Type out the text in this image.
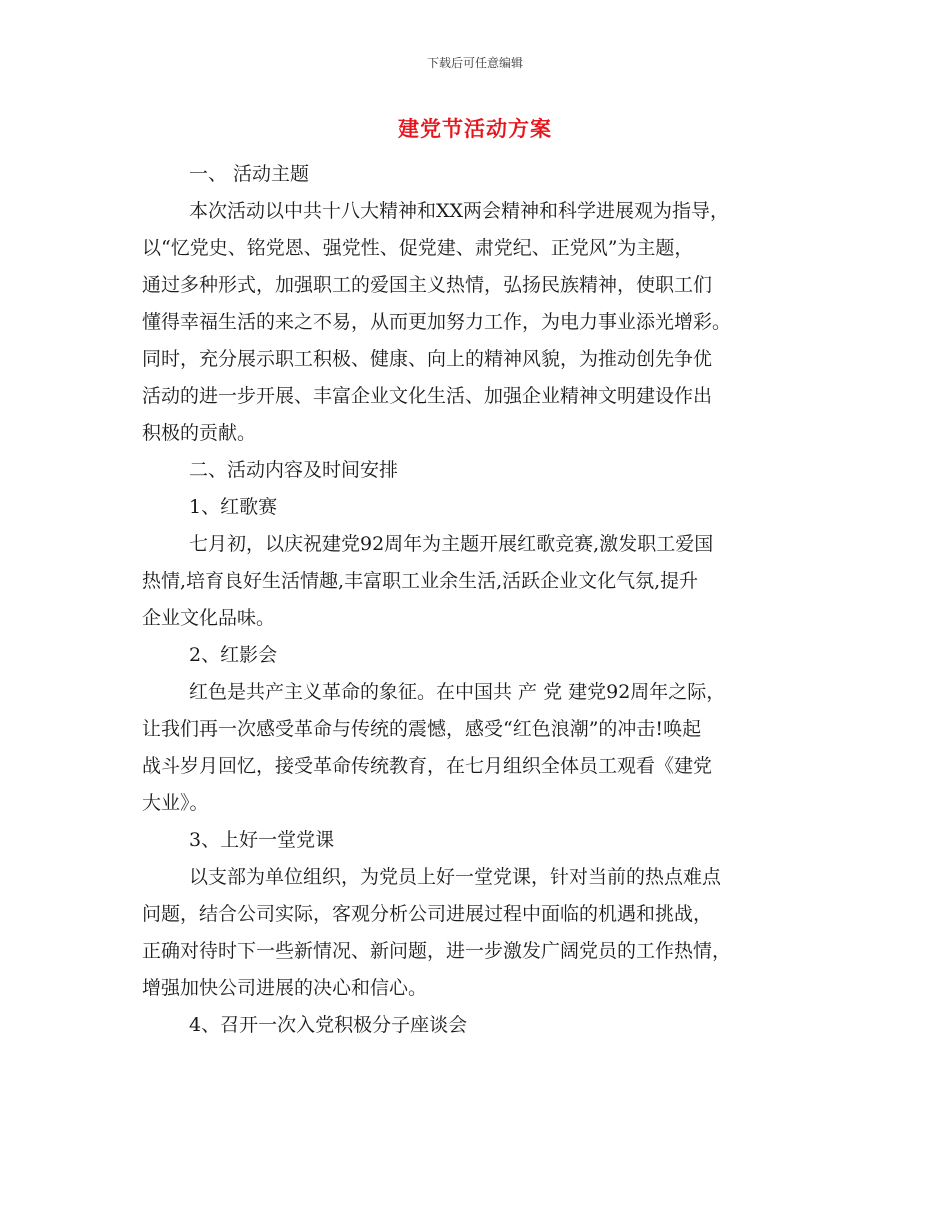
下载后可任意编辑
建党节活动方案

一、 活动主题

本次活动以中共十八大精神和XX两会精神和科学进展观为指导，

以“忆党史、铭党恩、强党性、促党建、肃党纪、正党风”为主题，

通过多种形式，加强职工的爱国主义热情，弘扬民族精神，使职工们

懂得幸福生活的来之不易，从而更加努力工作，为电力事业添光增彩。

同时，充分展示职工积极、健康、向上的精神风貌，为推动创先争优

活动的进一步开展、丰富企业文化生活、加强企业精神文明建设作出

积极的贡献。

二、活动内容及时间安排

1、红歌赛

七月初，以庆祝建党92周年为主题开展红歌竞赛,激发职工爱国

热情,培育良好生活情趣,丰富职工业余生活,活跃企业文化气氛,提升

企业文化品味。

2、红影会

红色是共产主义革命的象征。在中国共 产 党 建党92周年之际，

让我们再一次感受革命与传统的震憾，感受“红色浪潮”的冲击!唤起

战斗岁月回忆，接受革命传统教育，在七月组织全体员工观看《建党

大业》。

3、上好一堂党课

以支部为单位组织，为党员上好一堂党课，针对当前的热点难点

问题，结合公司实际，客观分析公司进展过程中面临的机遇和挑战，

正确对待时下一些新情况、新问题，进一步激发广阔党员的工作热情，

增强加快公司进展的决心和信心。

4、召开一次入党积极分子座谈会
